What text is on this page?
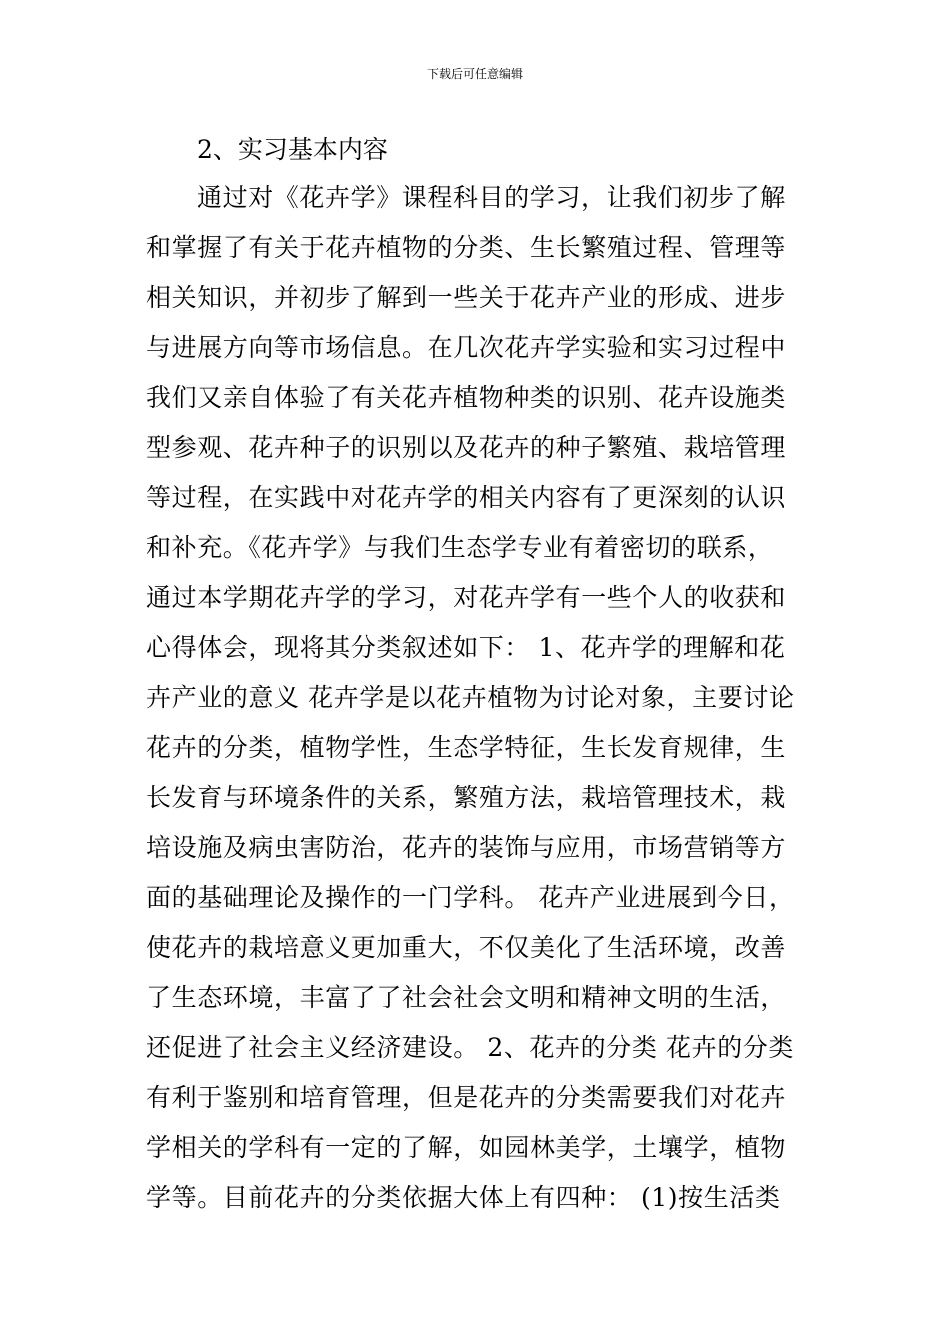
下载后可任意编辑
2、实习基本内容
通过对《花卉学》课程科目的学习，让我们初步了解
和掌握了有关于花卉植物的分类、生长繁殖过程、管理等
相关知识，并初步了解到一些关于花卉产业的形成、进步
与进展方向等市场信息。在几次花卉学实验和实习过程中
我们又亲自体验了有关花卉植物种类的识别、花卉设施类
型参观、花卉种子的识别以及花卉的种子繁殖、栽培管理
等过程，在实践中对花卉学的相关内容有了更深刻的认识
和补充。《花卉学》与我们生态学专业有着密切的联系，
通过本学期花卉学的学习，对花卉学有一些个人的收获和
心得体会，现将其分类叙述如下： 1、花卉学的理解和花
卉产业的意义 花卉学是以花卉植物为讨论对象，主要讨论
花卉的分类，植物学性，生态学特征，生长发育规律，生
长发育与环境条件的关系，繁殖方法，栽培管理技术，栽
培设施及病虫害防治，花卉的装饰与应用，市场营销等方
面的基础理论及操作的一门学科。 花卉产业进展到今日，
使花卉的栽培意义更加重大，不仅美化了生活环境，改善
了生态环境，丰富了了社会社会文明和精神文明的生活，
还促进了社会主义经济建设。 2、花卉的分类 花卉的分类
有利于鉴别和培育管理，但是花卉的分类需要我们对花卉
学相关的学科有一定的了解，如园林美学，土壤学，植物
学等。目前花卉的分类依据大体上有四种： (1)按生活类
